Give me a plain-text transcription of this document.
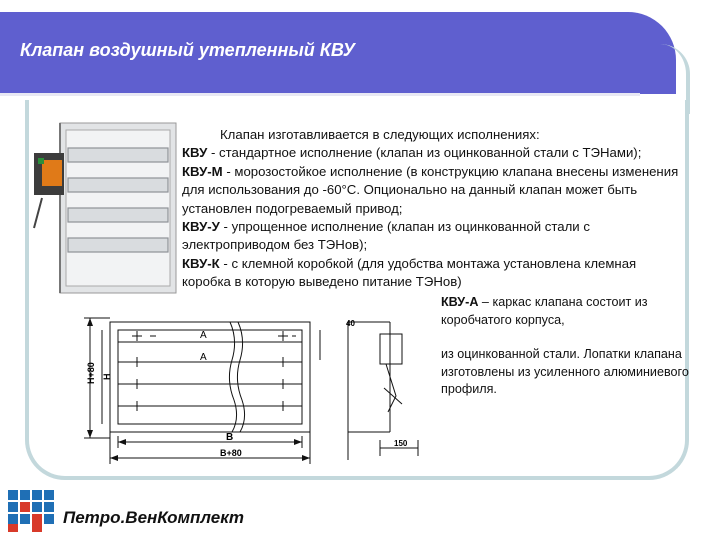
Клапан воздушный утепленный КВУ

Клапан изготавливается в следующих исполнениях:

КВУ - стандартное исполнение (клапан из оцинкованной стали с ТЭНами);

КВУ-М - морозостойкое исполнение (в конструкцию клапана внесены изменения для использования до -60°С. Опционально на данный клапан может быть установлен подогреваемый привод;

КВУ-У - упрощенное исполнение (клапан из оцинкованной стали с электроприводом без ТЭНов);

КВУ-К - с клемной коробкой (для удобства монтажа установлена клемная коробка в которую выведено питание ТЭНов)

A
A
H+80 H
B
B+80
40
150

КВУ-А – каркас клапана состоит из коробчатого корпуса,

из оцинкованной стали. Лопатки клапана изготовлены из усиленного алюминиевого профиля.

Петро.ВенКомплект
